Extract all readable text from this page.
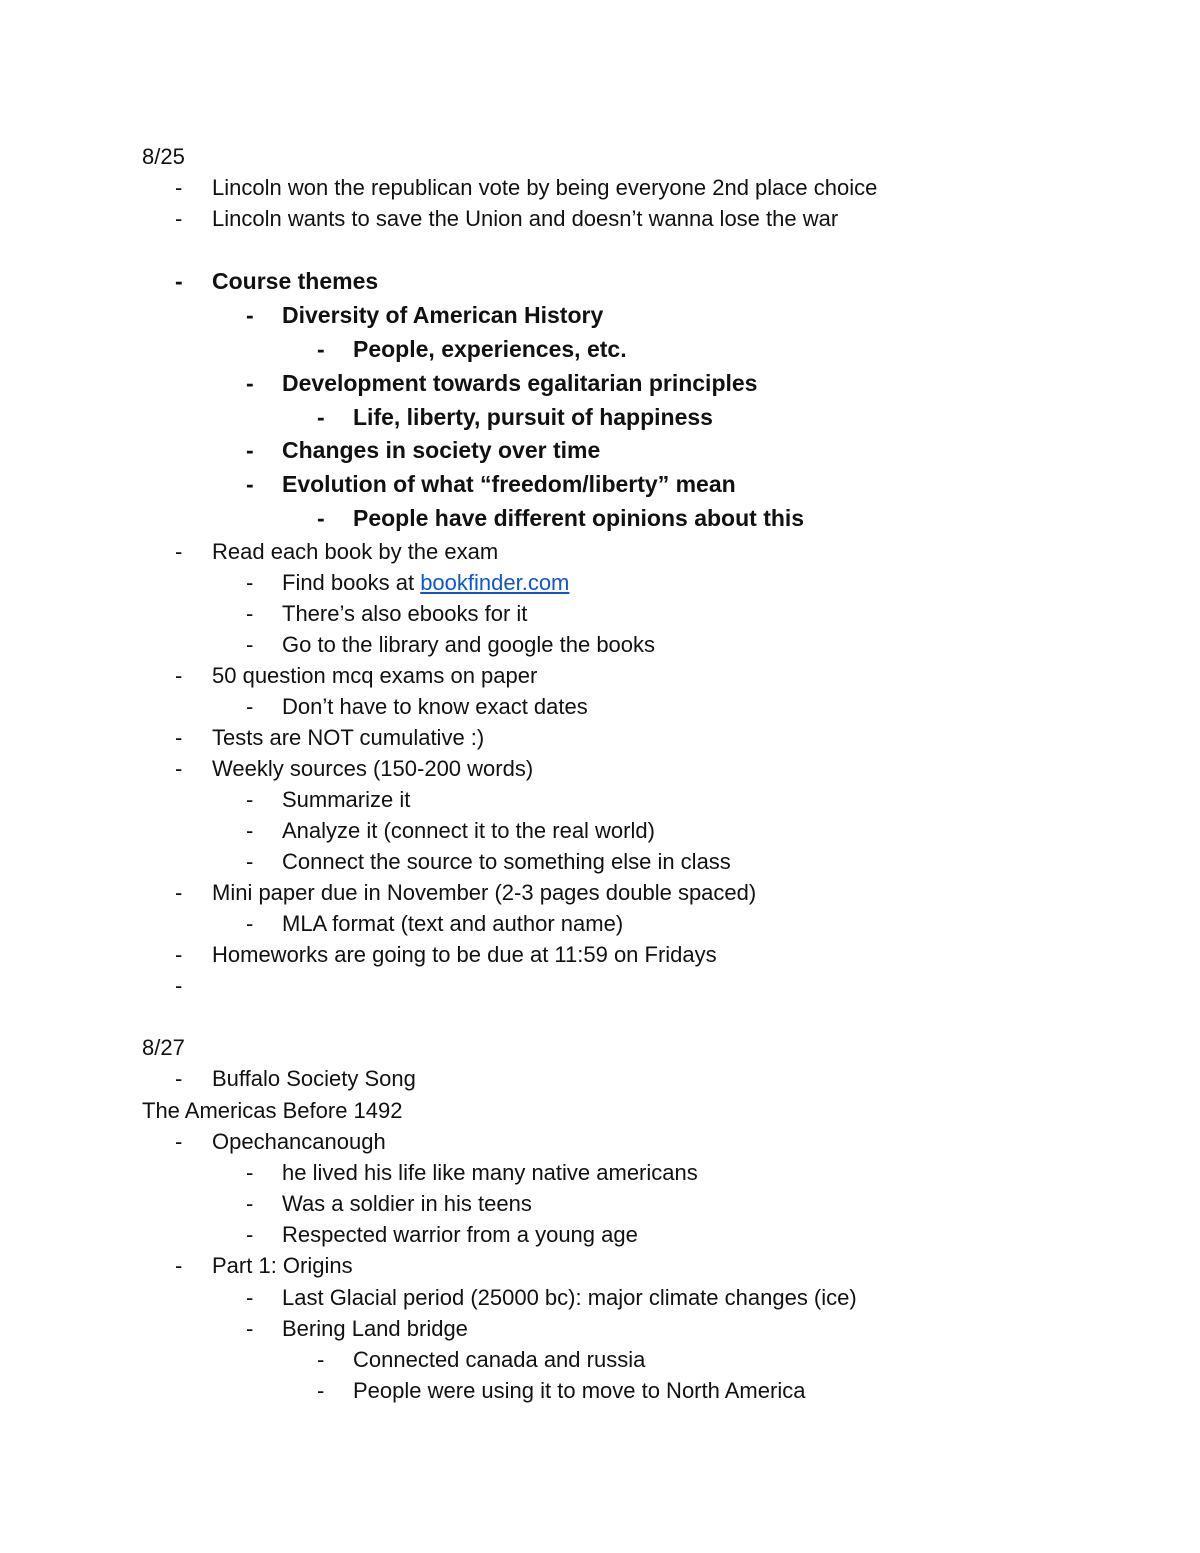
8/25
- Lincoln won the republican vote by being everyone 2nd place choice
- Lincoln wants to save the Union and doesn’t wanna lose the war
- Course themes
- Diversity of American History
- People, experiences, etc.
- Development towards egalitarian principles
- Life, liberty, pursuit of happiness
- Changes in society over time
- Evolution of what “freedom/liberty” mean
- People have different opinions about this
- Read each book by the exam
- Find books at bookfinder.com
- There’s also ebooks for it
- Go to the library and google the books
- 50 question mcq exams on paper
- Don’t have to know exact dates
- Tests are NOT cumulative :)
- Weekly sources (150-200 words)
- Summarize it
- Analyze it (connect it to the real world)
- Connect the source to something else in class
- Mini paper due in November (2-3 pages double spaced)
- MLA format (text and author name)
- Homeworks are going to be due at 11:59 on Fridays
-
8/27
- Buffalo Society Song
The Americas Before 1492
- Opechancanough
- he lived his life like many native americans
- Was a soldier in his teens
- Respected warrior from a young age
- Part 1: Origins
- Last Glacial period (25000 bc): major climate changes (ice)
- Bering Land bridge
- Connected canada and russia
- People were using it to move to North America
